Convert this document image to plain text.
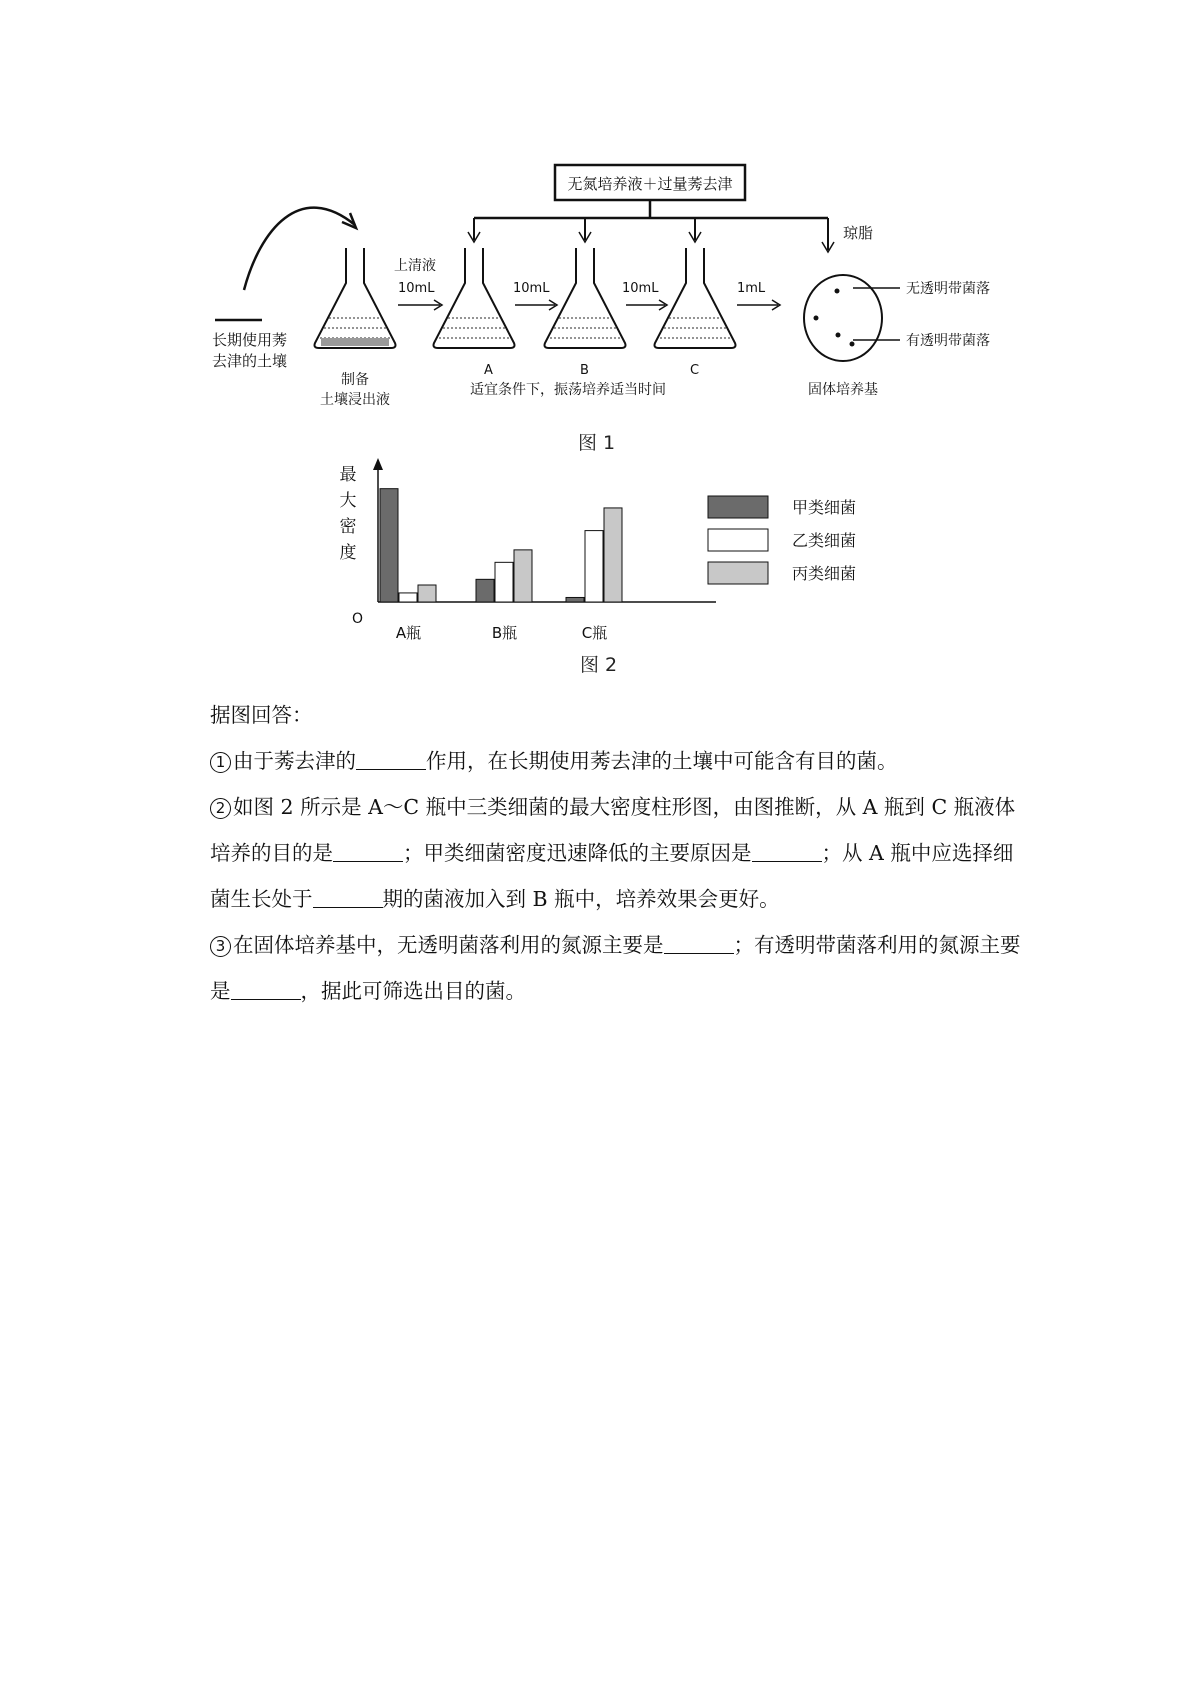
无氮培养液＋过量莠去津
琼脂
长期使用莠
去津的土壤
上清液
10mL	10mL	10mL	1mL
A	B	C
制备
土壤浸出液
适宜条件下，振荡培养适当时间
无透明带菌落
有透明带菌落
固体培养基
图 1
最
大
密
度
O
A瓶	B瓶	C瓶
甲类细菌
乙类细菌
丙类细菌
图 2

据图回答：

1 由于莠去津的	作用，在长期使用莠去津的土壤中可能含有目的菌。

2 如图 2 所示是 A～C 瓶中三类细菌的最大密度柱形图，由图推断，从 A 瓶到 C 瓶液体培养的目的是	；甲类细菌密度迅速降低的主要原因是	；从 A 瓶中应选择细菌生长处于	期的菌液加入到 B 瓶中，培养效果会更好。

3 在固体培养基中，无透明菌落利用的氮源主要是	；有透明带菌落利用的氮源主要是	，据此可筛选出目的菌。
